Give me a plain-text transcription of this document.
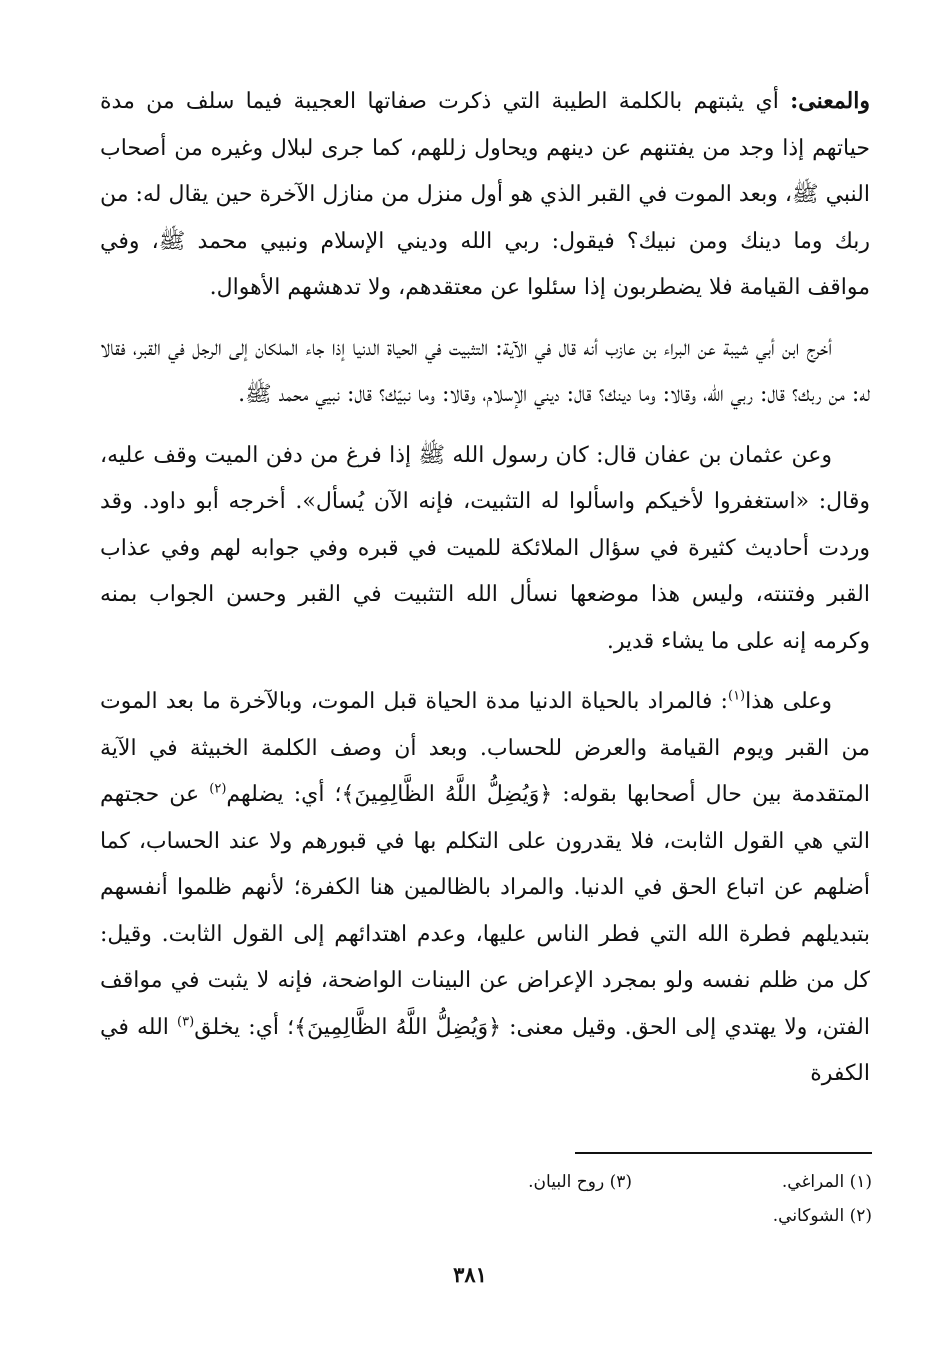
والمعنى: أي يثبتهم بالكلمة الطيبة التي ذكرت صفاتها العجيبة فيما سلف من مدة حياتهم إذا وجد من يفتنهم عن دينهم ويحاول زللهم، كما جرى لبلال وغيره من أصحاب النبي ﷺ، وبعد الموت في القبر الذي هو أول منزل من منازل الآخرة حين يقال له: من ربك وما دينك ومن نبيك؟ فيقول: ربي الله وديني الإسلام ونبيي محمد ﷺ، وفي مواقف القيامة فلا يضطربون إذا سئلوا عن معتقدهم، ولا تدهشهم الأهوال.

أخرج ابن أبي شيبة عن البراء بن عازب أنه قال في الآية: التثبيت في الحياة الدنيا إذا جاء الملكان إلى الرجل في القبر، فقالا له: من ربك؟ قال: ربي الله، وقالا: وما دينك؟ قال: ديني الإسلام، وقالا: وما نبيّك؟ قال: نبيي محمد ﷺ.

وعن عثمان بن عفان قال: كان رسول الله ﷺ إذا فرغ من دفن الميت وقف عليه، وقال: «استغفروا لأخيكم واسألوا له التثبيت، فإنه الآن يُسأل». أخرجه أبو داود. وقد وردت أحاديث كثيرة في سؤال الملائكة للميت في قبره وفي جوابه لهم وفي عذاب القبر وفتنته، وليس هذا موضعها نسأل الله التثبيت في القبر وحسن الجواب بمنه وكرمه إنه على ما يشاء قدير.

وعلى هذا$^{(١)}$: فالمراد بالحياة الدنيا مدة الحياة قبل الموت، وبالآخرة ما بعد الموت من القبر ويوم القيامة والعرض للحساب. وبعد أن وصف الكلمة الخبيثة في الآية المتقدمة بين حال أصحابها بقوله: ﴿وَيُضِلُّ اللَّهُ الظَّالِمِينَ﴾؛ أي: يضلهم$^{(٢)}$ عن حجتهم التي هي القول الثابت، فلا يقدرون على التكلم بها في قبورهم ولا عند الحساب، كما أضلهم عن اتباع الحق في الدنيا. والمراد بالظالمين هنا الكفرة؛ لأنهم ظلموا أنفسهم بتبديلهم فطرة الله التي فطر الناس عليها، وعدم اهتدائهم إلى القول الثابت. وقيل: كل من ظلم نفسه ولو بمجرد الإعراض عن البينات الواضحة، فإنه لا يثبت في مواقف الفتن، ولا يهتدي إلى الحق. وقيل معنى: ﴿وَيُضِلُّ اللَّهُ الظَّالِمِينَ﴾؛ أي: يخلق$^{(٣)}$ الله في الكفرة

(١) المراغي.
(٣) روح البيان.
(٢) الشوكاني.
٣٨١
